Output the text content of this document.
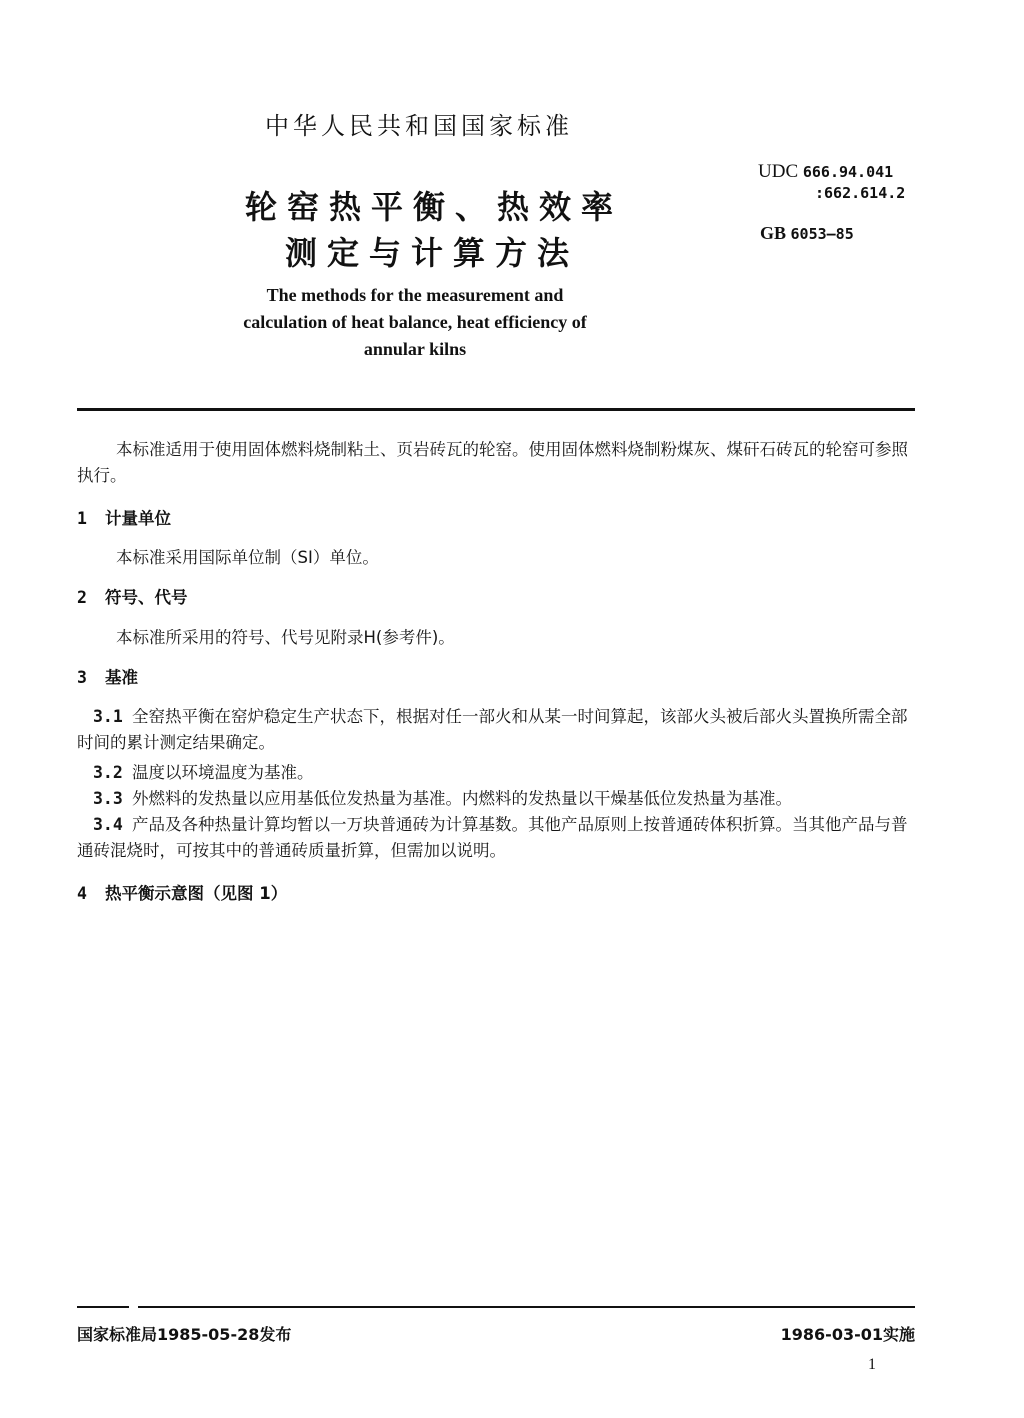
中华人民共和国国家标准
轮窑热平衡、热效率
测定与计算方法
The methods for the measurement and calculation of heat balance, heat efficiency of annular kilns
UDC 666.94.041
:662.614.2
GB 6053—85
本标准适用于使用固体燃料烧制粘土、页岩砖瓦的轮窑。使用固体燃料烧制粉煤灰、煤矸石砖瓦的轮窑可参照执行。
1 计量单位
本标准采用国际单位制（SI）单位。
2 符号、代号
本标准所采用的符号、代号见附录H(参考件)。
3 基准
3.1 全窑热平衡在窑炉稳定生产状态下，根据对任一部火和从某一时间算起，该部火头被后部火头置换所需全部时间的累计测定结果确定。
3.2 温度以环境温度为基准。
3.3 外燃料的发热量以应用基低位发热量为基准。内燃料的发热量以干燥基低位发热量为基准。
3.4 产品及各种热量计算均暂以一万块普通砖为计算基数。其他产品原则上按普通砖体积折算。当其他产品与普通砖混烧时，可按其中的普通砖质量折算，但需加以说明。
4 热平衡示意图（见图 1）
国家标准局1985-05-28发布	1986-03-01实施
1
